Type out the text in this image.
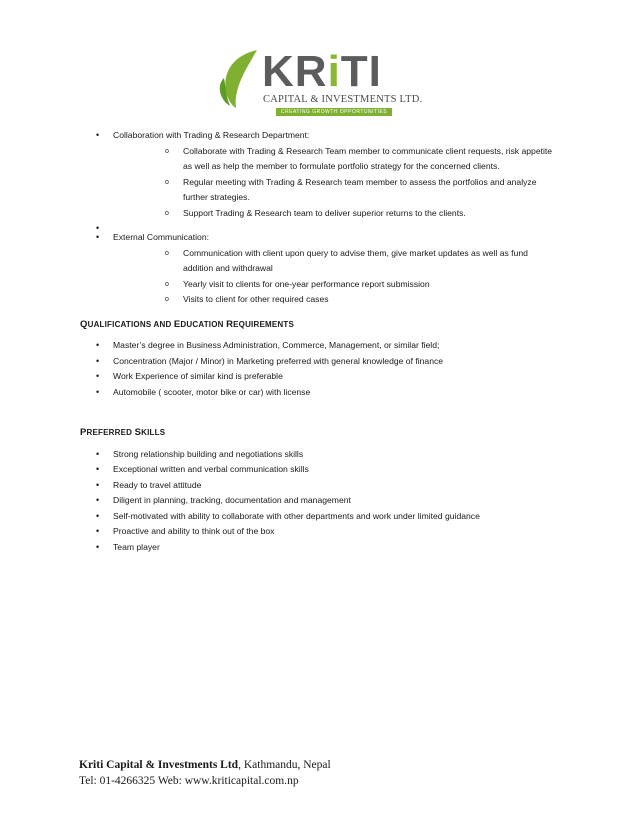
KRiTI
CAPITAL & INVESTMENTS LTD.
CREATING GROWTH OPPORTUNITIES
• Collaboration with Trading & Research Department:
o Collaborate with Trading & Research Team member to communicate client requests, risk appetite as well as help the member to formulate portfolio strategy for the concerned clients.
o Regular meeting with Trading & Research team member to assess the portfolios and analyze further strategies.
o Support Trading & Research team to deliver superior returns to the clients.
•
• External Communication:
o Communication with client upon query to advise them, give market updates as well as fund addition and withdrawal
o Yearly visit to clients for one-year performance report submission
o Visits to client for other required cases
QUALIFICATIONS AND EDUCATION REQUIREMENTS
• Master’s degree in Business Administration, Commerce, Management, or similar field;
• Concentration (Major / Minor) in Marketing preferred with general knowledge of finance
• Work Experience of similar kind is preferable
• Automobile ( scooter, motor bike or car) with license
PREFERRED SKILLS
• Strong relationship building and negotiations skills
• Exceptional written and verbal communication skills
• Ready to travel attitude
• Diligent in planning, tracking, documentation and management
• Self-motivated with ability to collaborate with other departments and work under limited guidance
• Proactive and ability to think out of the box
• Team player
Kriti Capital & Investments Ltd, Kathmandu, Nepal
Tel: 01-4266325 Web: www.kriticapital.com.np
